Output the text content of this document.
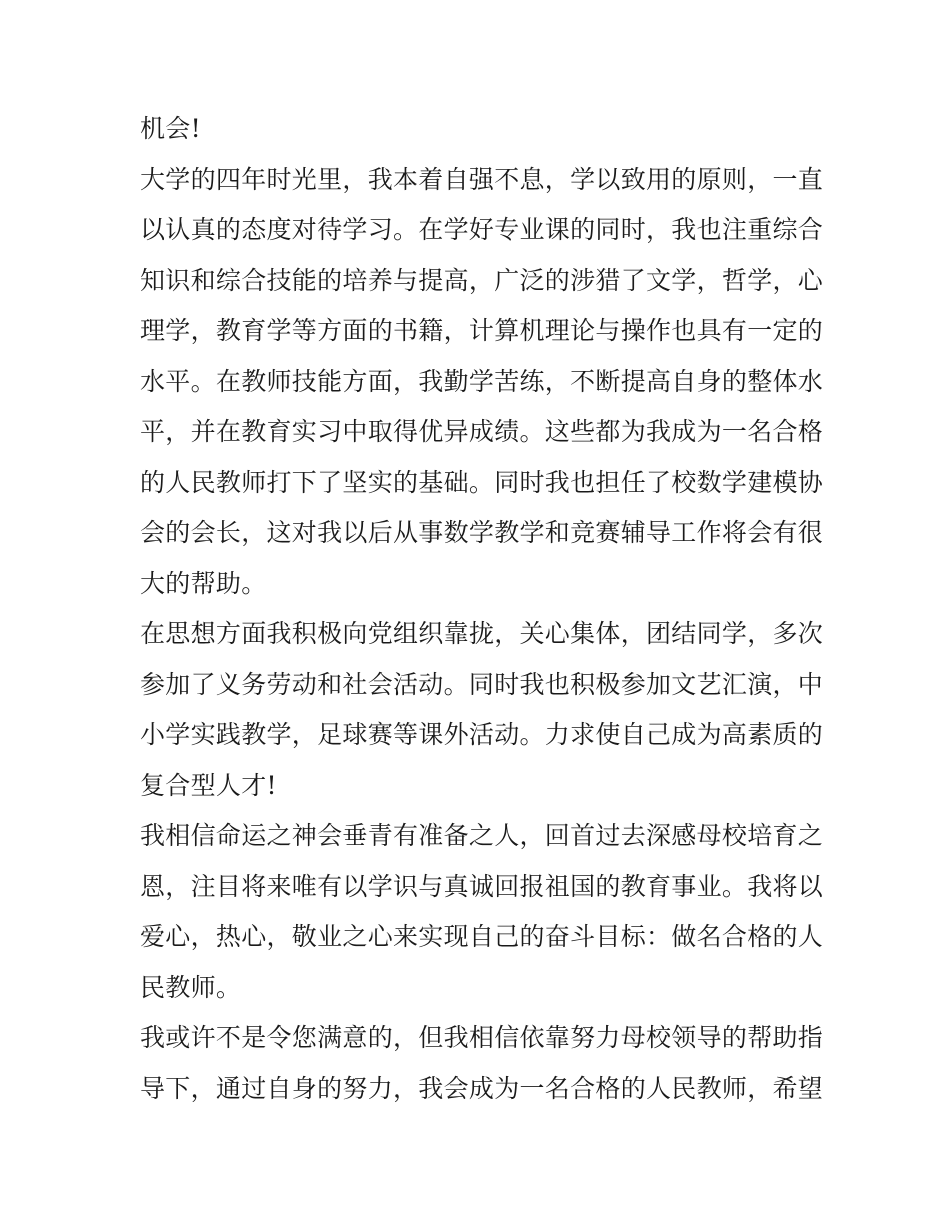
机会!
大学的四年时光里，我本着自强不息，学以致用的原则，一直
以认真的态度对待学习。在学好专业课的同时，我也注重综合
知识和综合技能的培养与提高，广泛的涉猎了文学，哲学，心
理学，教育学等方面的书籍，计算机理论与操作也具有一定的
水平。在教师技能方面，我勤学苦练，不断提高自身的整体水
平，并在教育实习中取得优异成绩。这些都为我成为一名合格
的人民教师打下了坚实的基础。同时我也担任了校数学建模协
会的会长，这对我以后从事数学教学和竞赛辅导工作将会有很
大的帮助。
在思想方面我积极向党组织靠拢，关心集体，团结同学，多次
参加了义务劳动和社会活动。同时我也积极参加文艺汇演，中
小学实践教学，足球赛等课外活动。力求使自己成为高素质的
复合型人才!
我相信命运之神会垂青有准备之人，回首过去深感母校培育之
恩，注目将来唯有以学识与真诚回报祖国的教育事业。我将以
爱心，热心，敬业之心来实现自己的奋斗目标：做名合格的人
民教师。
我或许不是令您满意的，但我相信依靠努力母校领导的帮助指
导下，通过自身的努力，我会成为一名合格的人民教师，希望
